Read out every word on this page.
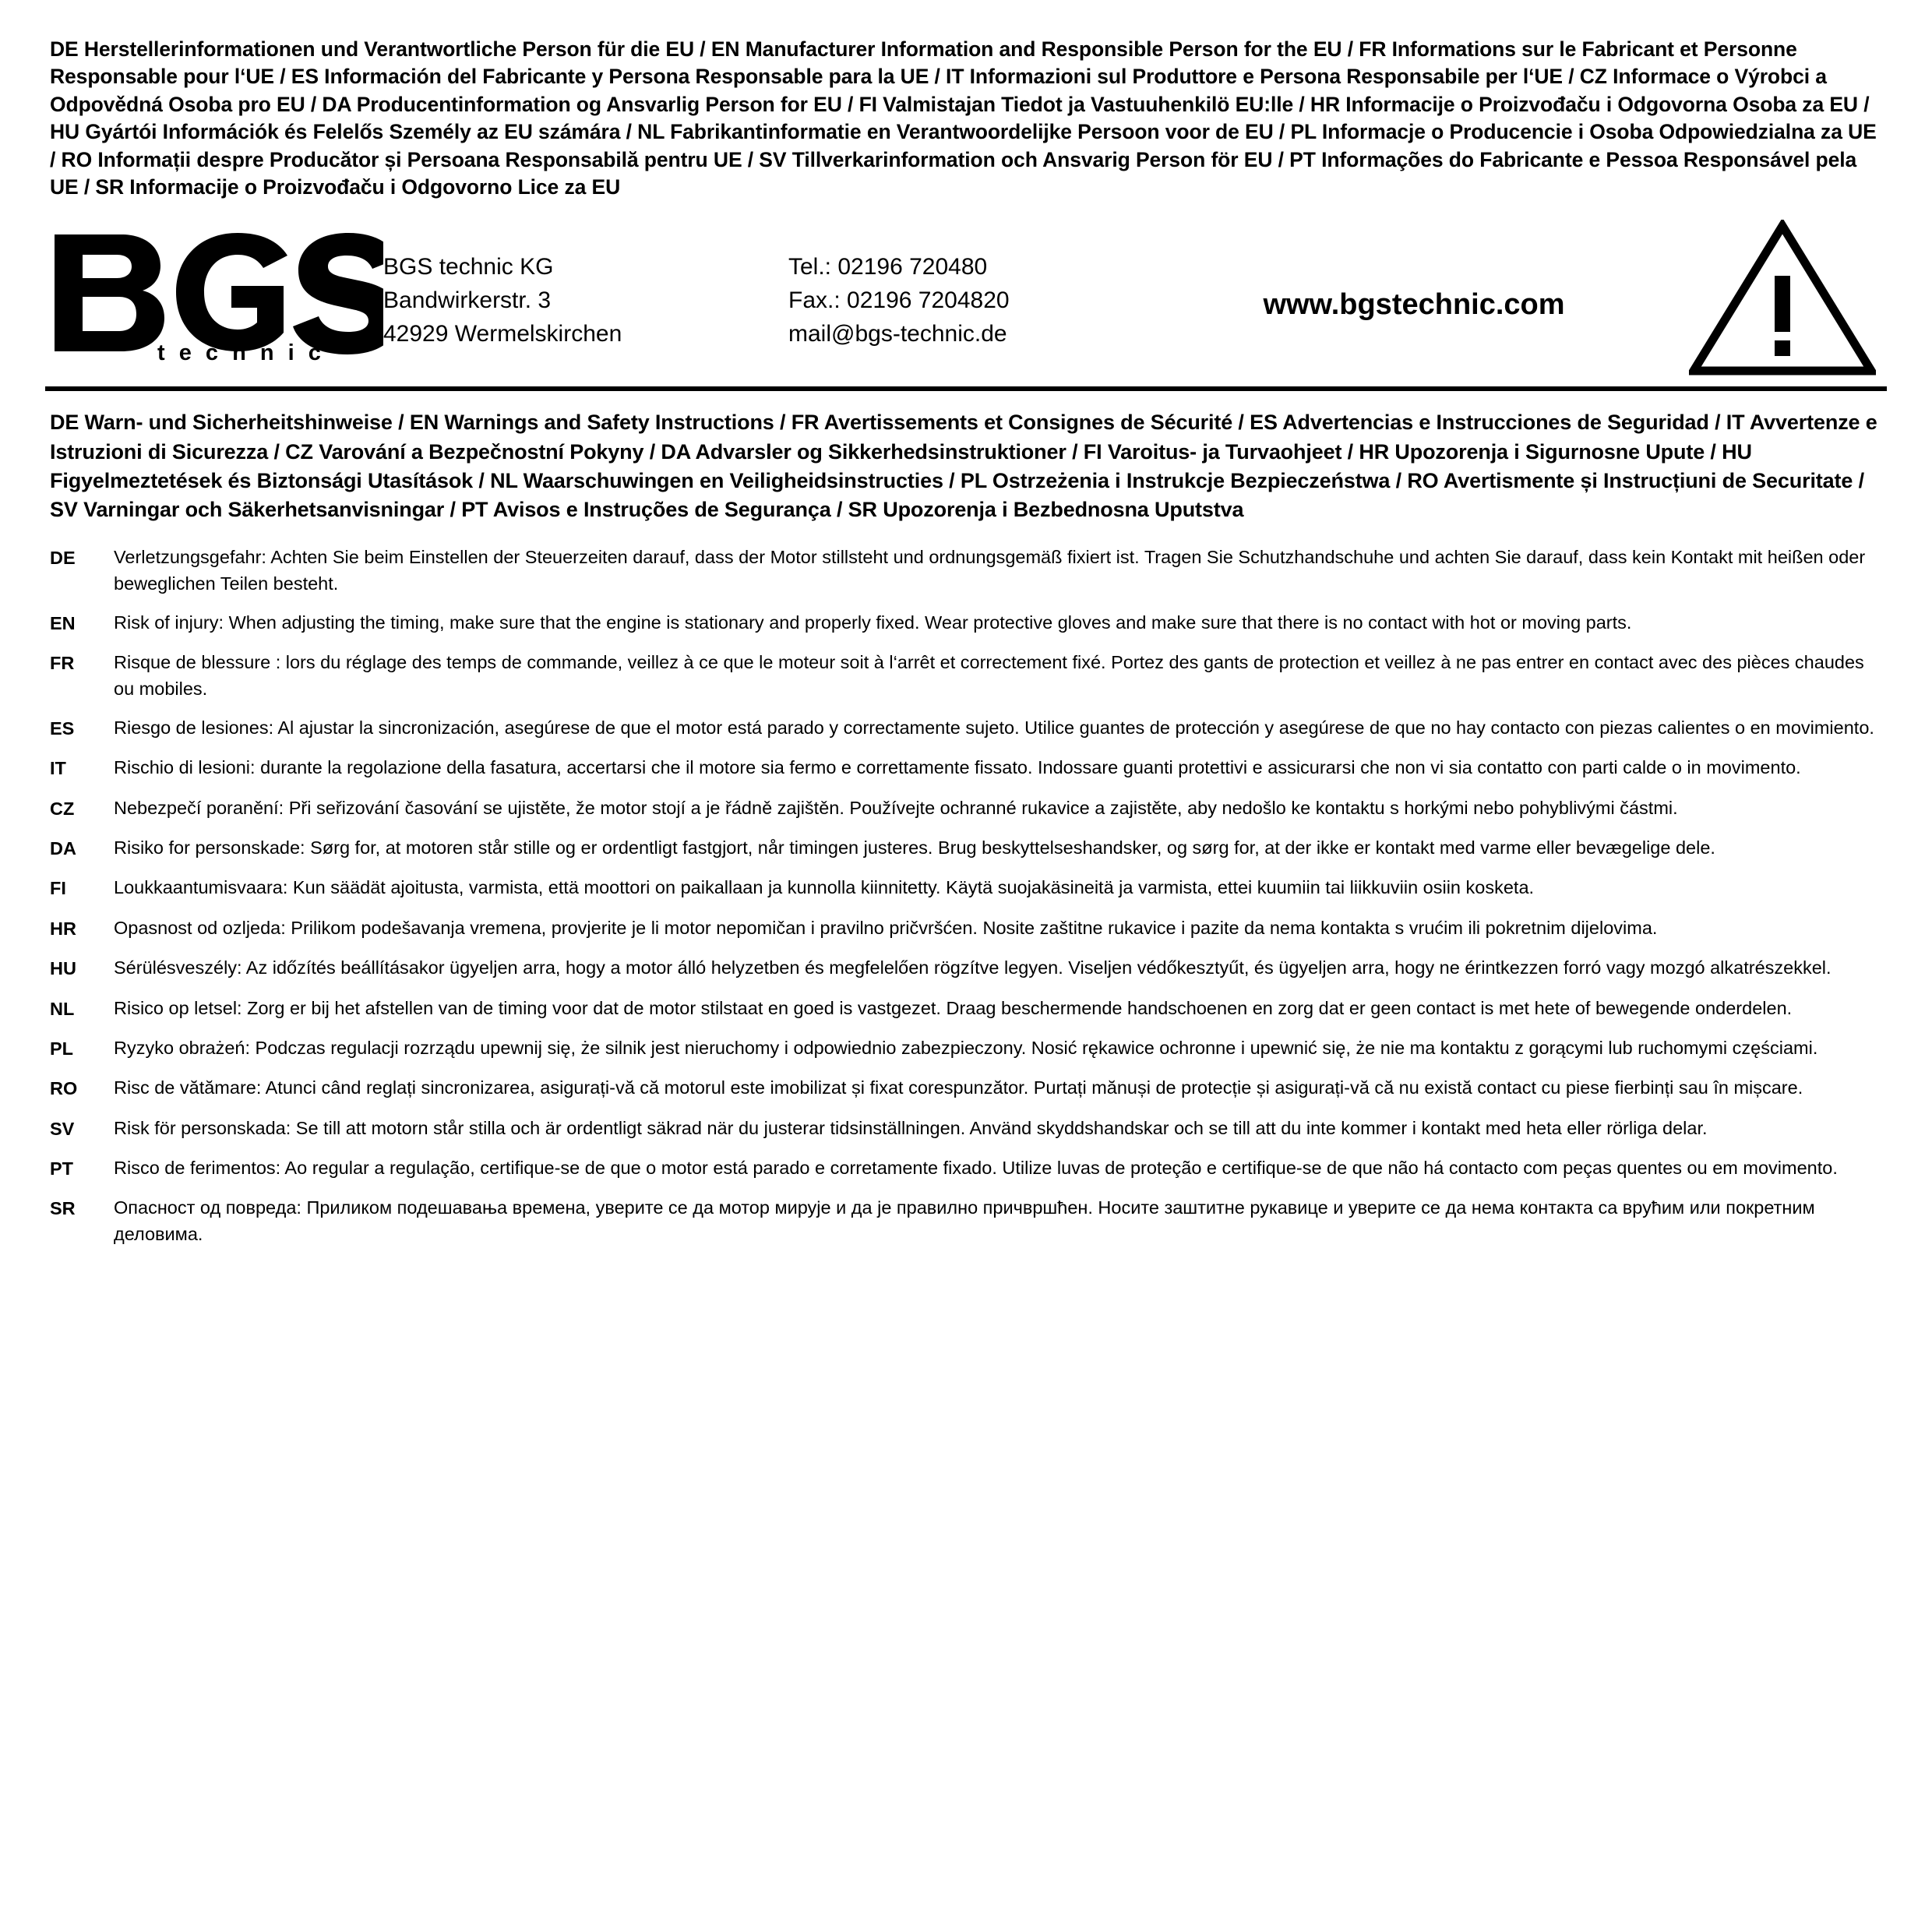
DE Herstellerinformationen und Verantwortliche Person für die EU / EN Manufacturer Information and Responsible Person for the EU / FR Informations sur le Fabricant et Personne Responsable pour l‘UE / ES Información del Fabricante y Persona Responsable para la UE / IT Informazioni sul Produttore e Persona Responsabile per l‘UE / CZ Informace o Výrobci a Odpovědná Osoba pro EU / DA Producentinformation og Ansvarlig Person for EU / FI Valmistajan Tiedot ja Vastuuhenkilö EU:lle / HR Informacije o Proizvođaču i Odgovorna Osoba za EU / HU Gyártói Információk és Felelős Személy az EU számára / NL Fabrikantinformatie en Verantwoordelijke Persoon voor de EU / PL Informacje o Producencie i Osoba Odpowiedzialna za UE / RO Informații despre Producător și Persoana Responsabilă pentru UE / SV Tillverkarinformation och Ansvarig Person för EU / PT Informações do Fabricante e Pessoa Responsável pela UE / SR Informacije o Proizvođaču i Odgovorno Lice za EU
®
t e c h n i c
BGS technic KG
Bandwirkerstr. 3
42929 Wermelskirchen
Tel.: 02196 720480
Fax.: 02196 7204820
mail@bgs-technic.de
www.bgstechnic.com
DE Warn- und Sicherheitshinweise / EN Warnings and Safety Instructions / FR Avertissements et Consignes de Sécurité / ES Advertencias e Instrucciones de Seguridad / IT Avvertenze e Istruzioni di Sicurezza / CZ Varování a Bezpečnostní Pokyny / DA Advarsler og Sikkerhedsinstruktioner / FI Varoitus- ja Turvaohjeet / HR Upozorenja i Sigurnosne Upute / HU Figyelmeztetések és Biztonsági Utasítások / NL Waarschuwingen en Veiligheidsinstructies / PL Ostrzeżenia i Instrukcje Bezpieczeństwa / RO Avertismente și Instrucțiuni de Securitate / SV Varningar och Säkerhetsanvisningar / PT Avisos e Instruções de Segurança / SR Upozorenja i Bezbednosna Uputstva
DE	Verletzungsgefahr: Achten Sie beim Einstellen der Steuerzeiten darauf, dass der Motor stillsteht und ordnungsgemäß fixiert ist. Tragen Sie Schutzhandschuhe und achten Sie darauf, dass kein Kontakt mit heißen oder beweglichen Teilen besteht.
EN	Risk of injury: When adjusting the timing, make sure that the engine is stationary and properly fixed. Wear protective gloves and make sure that there is no contact with hot or moving parts.
FR	Risque de blessure : lors du réglage des temps de commande, veillez à ce que le moteur soit à l‘arrêt et correctement fixé. Portez des gants de protection et veillez à ne pas entrer en contact avec des pièces chaudes ou mobiles.
ES	Riesgo de lesiones: Al ajustar la sincronización, asegúrese de que el motor está parado y correctamente sujeto. Utilice guantes de protección y asegúrese de que no hay contacto con piezas calientes o en movimiento.
IT	Rischio di lesioni: durante la regolazione della fasatura, accertarsi che il motore sia fermo e correttamente fissato. Indossare guanti protettivi e assicurarsi che non vi sia contatto con parti calde o in movimento.
CZ	Nebezpečí poranění: Při seřizování časování se ujistěte, že motor stojí a je řádně zajištěn. Používejte ochranné rukavice a zajistěte, aby nedošlo ke kontaktu s horkými nebo pohyblivými částmi.
DA	Risiko for personskade: Sørg for, at motoren står stille og er ordentligt fastgjort, når timingen justeres. Brug beskyttelseshandsker, og sørg for, at der ikke er kontakt med varme eller bevægelige dele.
FI	Loukkaantumisvaara: Kun säädät ajoitusta, varmista, että moottori on paikallaan ja kunnolla kiinnitetty. Käytä suojakäsineitä ja varmista, ettei kuumiin tai liikkuviin osiin kosketa.
HR	Opasnost od ozljeda: Prilikom podešavanja vremena, provjerite je li motor nepomičan i pravilno pričvršćen. Nosite zaštitne rukavice i pazite da nema kontakta s vrućim ili pokretnim dijelovima.
HU	Sérülésveszély: Az időzítés beállításakor ügyeljen arra, hogy a motor álló helyzetben és megfelelően rögzítve legyen. Viseljen védőkesztyűt, és ügyeljen arra, hogy ne érintkezzen forró vagy mozgó alkatrészekkel.
NL	Risico op letsel: Zorg er bij het afstellen van de timing voor dat de motor stilstaat en goed is vastgezet. Draag beschermende handschoenen en zorg dat er geen contact is met hete of bewegende onderdelen.
PL	Ryzyko obrażeń: Podczas regulacji rozrządu upewnij się, że silnik jest nieruchomy i odpowiednio zabezpieczony. Nosić rękawice ochronne i upewnić się, że nie ma kontaktu z gorącymi lub ruchomymi częściami.
RO	Risc de vătămare: Atunci când reglați sincronizarea, asigurați-vă că motorul este imobilizat și fixat corespunzător. Purtați mănuși de protecție și asigurați-vă că nu există contact cu piese fierbinți sau în mișcare.
SV	Risk för personskada: Se till att motorn står stilla och är ordentligt säkrad när du justerar tidsinställningen. Använd skyddshandskar och se till att du inte kommer i kontakt med heta eller rörliga delar.
PT	Risco de ferimentos: Ao regular a regulação, certifique-se de que o motor está parado e corretamente fixado. Utilize luvas de proteção e certifique-se de que não há contacto com peças quentes ou em movimento.
SR	Опасност од повреда: Приликом подешавања времена, уверите се да мотор мирује и да је правилно причвршћен. Носите заштитне рукавице и уверите се да нема контакта са врућим или покретним деловима.
